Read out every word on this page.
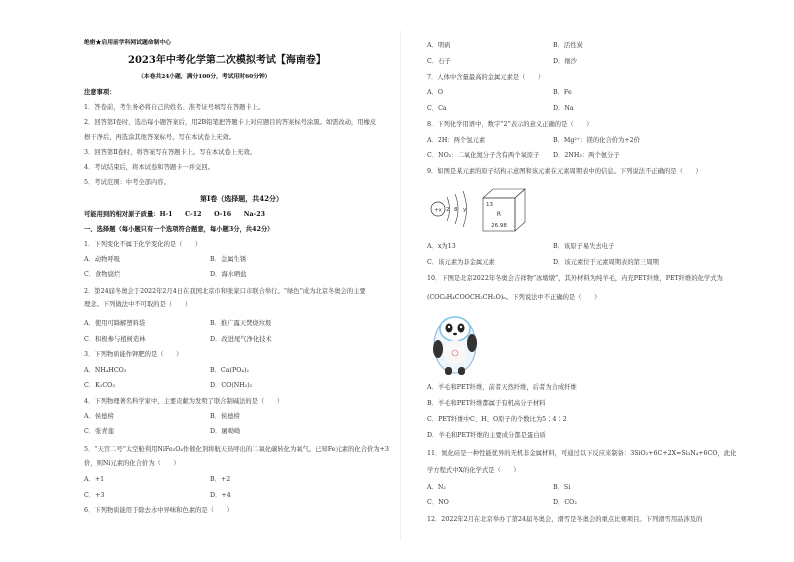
绝密★启用前学科网试题命制中心
2023年中考化学第二次模拟考试【海南卷】
（本卷共24小题，满分100分，考试用时60分钟）
注意事项：
1．答卷前，考生务必将自己的姓名、准考证号填写在答题卡上。
2．回答第Ⅰ卷时，选出每小题答案后，用2B铅笔把答题卡上对应题目的答案标号涂黑。如需改动，用橡皮
擦干净后，再选涂其他答案标号。写在本试卷上无效。
3．回答第Ⅱ卷时，将答案写在答题卡上。写在本试卷上无效。
4．考试结束后，将本试卷和答题卡一并交回。
5．考试范围：中考全部内容。
第Ⅰ卷（选择题，共42分）
可能用到的相对原子质量：H-1　　C-12　　O-16　　Na-23
一、选择题（每小题只有一个选项符合题意，每小题3分，共42分）
1．下列变化不属于化学变化的是（　　）
A．动物呼吸	B．金属生锈
C．食物腐烂	D．海水晒盐
2．第24届冬奥会于2022年2月4日在我国北京市和张家口市联合举行。“绿色”成为北京冬奥会的主要
理念。下列做法中不可取的是（　　）
A．使用可降解塑料袋	B．推广露天焚烧垃圾
C．积极参与植树造林	D．改进尾气净化技术
3．下列物质能作钾肥的是（　　）
A．NH₄HCO₃	B．Ca(PO₄)₂
C．K₂CO₃	D．CO(NH₂)₂
4．下列物理著名科学家中，主要贡献为发明了联合制碱法的是（　　）
A．侯德榜	B．侯德榜
C．张青莲	D．屠呦呦
5．“天宫二号”太空舱利用NiFe₂O₄作催化剂将航天员呼出的二氧化碳转化为氧气。已知Fe元素的化合价为+3
价，则Ni元素的化合价为（　　）
A．+1	B．+2
C．+3	D．+4
6．下列物质能用于除去水中异味和色素的是（　　）
A．明矾	B．活性炭
C．石子	D．细沙
7．人体中含量最高的金属元素是（　　）
A．O	B．Fe
C．Ca	D．Na
8．下列化学用语中，数字“2”表示的意义正确的是（　　）
A．2H：两个氢元素	B．Mg²⁺：镁的化合价为+2价
C．NO₂：二氧化氮分子含有两个氧原子 D．2NH₃：两个氨分子
9．如图是某元素的原子结构示意图和该元素在元素周期表中的信息。下列说法不正确的是（　　）
+x 2 8 y
13
R
26.98
A．x为13	B．该原子易失去电子
C．该元素为非金属元素	D．该元素位于元素周期表的第三周期
10．下图是北京2022年冬奥会吉祥物“冰墩墩”，其外材料为纯羊毛，内充PET纤维，PET纤维的化学式为
(COC₆H₄COOCH₂CH₂O)ₙ。下列说法中不正确的是（　　）
A．羊毛和PET纤维，前者天然纤维，后者为合成纤维
B．羊毛和PET纤维都属于有机高分子材料
C．PET纤维中C、H、O原子的个数比为5∶4∶2
D．羊毛和PET纤维的主要成分都是蛋白质
11．氮化硅是一种性能优异的无机非金属材料，可通过以下反应来制备：3SiO₂+6C+2X=Si₃N₄+6CO，此化
学方程式中X的化学式是（　　）
A．N₂	B．Si
C．NO	D．CO₂
12．2022年2月在北京举办了第24届冬奥会，滑雪是冬奥会的重点比赛项目。下列滑雪用品涉及的
